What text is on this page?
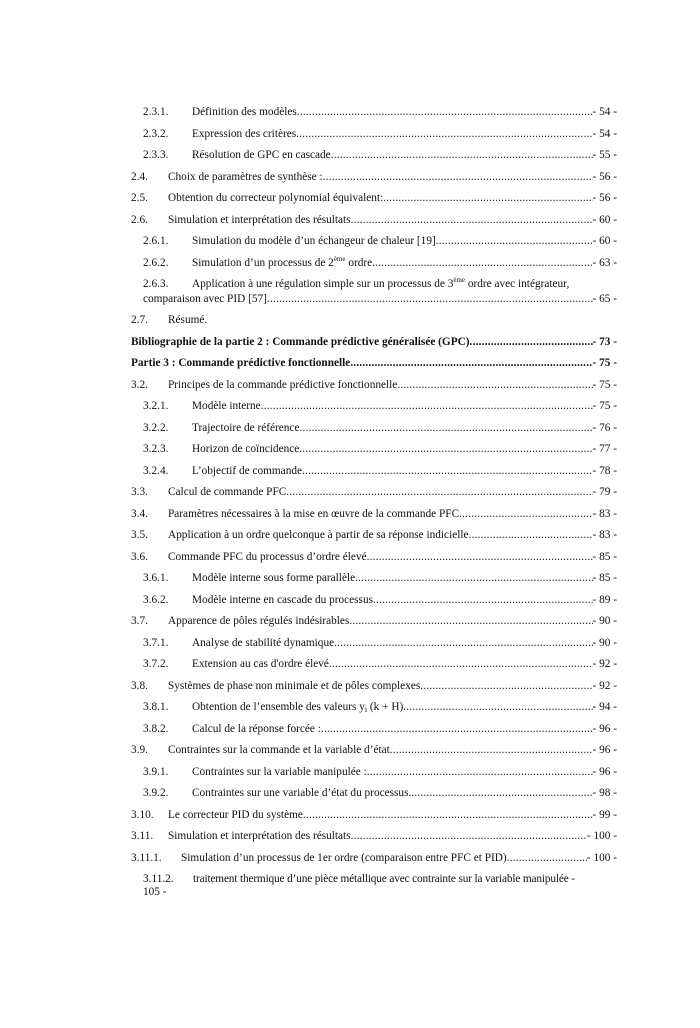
2.3.1.	Définition des modèles .....	- 54 -
2.3.2.	Expression des critères .....	- 54 -
2.3.3.	Résolution de GPC en cascade .....	- 55 -
2.4.	Choix de paramètres de synthèse : .....	- 56 -
2.5.	Obtention du correcteur polynomial équivalent: .....	- 56 -
2.6.	Simulation et interprétation des résultats .....	- 60 -
2.6.1.	Simulation du modèle d’un échangeur de chaleur [19] .....	- 60 -
2.6.2.	Simulation d’un processus de 2ème ordre .....	- 63 -
2.6.3.	Application à une régulation simple sur un processus de 3ème ordre avec intégrateur,
comparaison avec PID [57] .....	- 65 -
2.7.	Résumé.
Bibliographie de la partie 2 : Commande prédictive généralisée (GPC) .....	- 73 -
Partie 3 : Commande prédictive fonctionnelle .....	- 75 -
3.2.	Principes de la commande prédictive fonctionnelle .....	- 75 -
3.2.1.	Modèle interne .....	- 75 -
3.2.2.	Trajectoire de référence .....	- 76 -
3.2.3.	Horizon de coïncidence .....	- 77 -
3.2.4.	L’objectif de commande .....	- 78 -
3.3.	Calcul de commande PFC .....	- 79 -
3.4.	Paramètres nécessaires à la mise en œuvre de la commande PFC .....	- 83 -
3.5.	Application à un ordre quelconque à partir de sa réponse indicielle .....	- 83 -
3.6.	Commande PFC du processus d’ordre élevé .....	- 85 -
3.6.1.	Modèle interne sous forme parallèle .....	- 85 -
3.6.2.	Modèle interne en cascade du processus .....	- 89 -
3.7.	Apparence de pôles régulés indésirables .....	- 90 -
3.7.1.	Analyse de stabilité dynamique .....	- 90 -
3.7.2.	Extension au cas d'ordre élevé .....	- 92 -
3.8.	Systèmes de phase non minimale et de pôles complexes .....	- 92 -
3.8.1.	Obtention de l’ensemble des valeurs $y_i$ (k + H) .....	- 94 -
3.8.2.	Calcul de la réponse forcée : .....	- 96 -
3.9.	Contraintes sur la commande et la variable d’état .....	- 96 -
3.9.1.	Contraintes sur la variable manipulée : .....	- 96 -
3.9.2.	Contraintes sur une variable d’état du processus. .....	- 98 -
3.10.	Le correcteur PID du système .....	- 99 -
3.11.	Simulation et interprétation des résultats .....	- 100 -
3.11.1.	Simulation d’un processus de 1er ordre (comparaison entre PFC et PID) .....	- 100 -
3.11.2.	traitement thermique d’une pièce métallique avec contrainte sur la variable manipulée -
105 -
